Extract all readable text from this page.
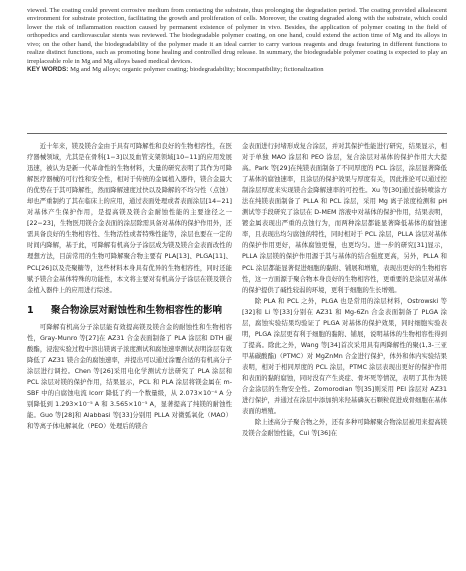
viewed. The coating could prevent corrosive medium from contacting the substrate, thus prolonging the degradation period. The coating provided alkalescent environment for substrate protection, facilitating the growth and proliferation of cells. Moreover, the coating degraded along with the substrate, which could lower the risk of inflammation reaction caused by permanent existence of polymer in vivo. Besides, the application of polymer coating in the field of orthopedics and cardiovascular stents was reviewed. The biodegradable polymer coating, on one hand, could extend the action time of Mg and its alloys in vivo; on the other hand, the biodegradability of the polymer made it an ideal carrier to carry various reagents and drugs featuring in different functions to realize distinct functions, such as promoting bone healing and controlled drug release. In summary, the biodegradable polymer coating is expected to play an irreplaceable role in Mg and Mg alloys based medical devices.

KEY WORDS: Mg and Mg alloys; organic polymer coating; biodegradability; biocompatibility; fictionalization

近十年来，镁及镁合金由于具有可降解性和良好的生物相容性，在医疗器械领域，尤其是在骨科[1−3]以及血管支架领域[10−11]的应用发展迅速，被认为是新一代革命性的生物材料，大量的研究表明了其作为可降解医疗器械的可行性和安全性，相对于传统的金属植入器件，镁合金最大的优势在于其可降解性，然而降解速度过快以及降解的不均匀性（点蚀）却也严重制约了其在临床上的应用，通过表面处理或者表面涂层[14−21]对基体产生保护作用，是提高镁及镁合金耐蚀性能的主要途径之一[22−23]，生物医用镁合金表面的涂层除需具备对基体的保护作用外，还需具备良好的生物相容性、生物活性或者特殊性能等，涂层也要在一定的时间内降解，基于此，可降解有机高分子涂层成为镁及镁合金表面改性的理想方法，目前常用的生物可降解聚合物主要有 PLA[13]、PLGA[11]、PCL[26]以及壳聚糖等，这些材料本身具有优异的生物相容性，同时还能赋予镁合金基体特殊的功能性，本文将主要对有机高分子涂层在镁及镁合金植入器件上的应用进行综述。

1 聚合物涂层对耐蚀性和生物相容性的影响

可降解有机高分子涂层能有效提高镁及镁合金的耐蚀性和生物相容性，Gray-Munro 等[27]在 AZ31 合金表面制备了 PLA 涂层和 DTH 碳酸酯，浸泡实验过程中溶出镁离子浓度测试和腐蚀速率测试表明涂层有效降低了 AZ31 镁合金的腐蚀速率，并提出可以通过涂覆合适的有机高分子涂层进行调控。Chen 等[26]采用电化学测试方法研究了 PLA 涂层和 PCL 涂层对镁的保护作用，结果显示，PCL 和 PLA 涂层将镁金属在 m-SBF 中的自腐蚀电流 Icorr 降低了约一个数量级，从 2.073×10⁻⁴ A 分别降低到 1.293×10⁻⁵ A 和 3.565×10⁻⁵ A，显著提高了纯镁的耐蚀性能。Guo 等[28]和 Alabbasi 等[33]分别用 PLLA 对微弧氧化（MAO）和等离子体电解氧化（PEO）处理后的镁合

金表面进行封堵形成复合涂层，并对其保护性能进行研究，结果显示，相对于单独 MAO 涂层和 PEO 涂层，复合涂层对基体的保护作用大大提高。Park 等[29]在纯镁表面制备了不同厚度的 PCL 涂层，涂层显著降低了基体的腐蚀速率，且涂层的保护效果与厚度有关，因此推论可以通过控制涂层厚度来实现镁合金降解速率的可控性。Xu 等[30]通过旋转喷涂方法在纯镁表面制备了 PLLA 和 PCL 涂层，采用 Mg 离子浓度检测和 pH 测试等手段研究了涂层在 D-MEM 溶液中对基体的保护作用，结果表明，镀金属表现出严重的点蚀行为，而两种涂层都能显著降低基体的腐蚀速率，且表现出均匀腐蚀的特性，同时相对于 PCL 涂层，PLLA 涂层对基体的保护作用更好，基体腐蚀更慢，也更均匀。进一步的研究[31]显示，PLLA 涂层镁的保护作用源于其与基体的结合强度更高，另外，PLLA 和 PCL 涂层都能显著促进细胞的黏附、铺展和增殖，表现出更好的生物相容性，这一方面源于聚合物本身良好的生物相容性，更重要的是涂层对基体的保护提供了碱性较弱的环境，更利于细胞的生长增殖。

除 PLA 和 PCL 之外，PLGA 也是常用的涂层材料，Ostrowski 等[32]和 Li 等[33]分别在 AZ31 和 Mg-6Zn 合金表面制备了 PLGA 涂层，腐蚀实验结果均验证了 PLGA 对基体的保护效果，同时细胞实验表明，PLGA 涂层更有利于细胞的黏附、铺展，说明基体的生物相容性得到了提高。除此之外，Wang 等[34]首次采用具有两降解性的聚(1,3-三亚甲基碳酸酯)（PTMC）对 MgZnMn 合金进行保护，体外和体内实验结果表明，相对于相同厚度的 PCL 涂层，PTMC 涂层表现出更好的保护作用和表面的黏附腐蚀，同时没有产生炎症、骨坏死等情况，表明了其作为镁合金涂层的生物安全性。Zomorodian 等[35]则采用 PEI 涂层对 AZ31 进行保护，并通过在涂层中添加纳米羟基磷灰石颗粒促进成骨细胞在基体表面的增殖。

除上述高分子聚合物之外，还有多种可降解聚合物涂层被用来提高镁及镁合金耐蚀性能，Cui 等[36]在
